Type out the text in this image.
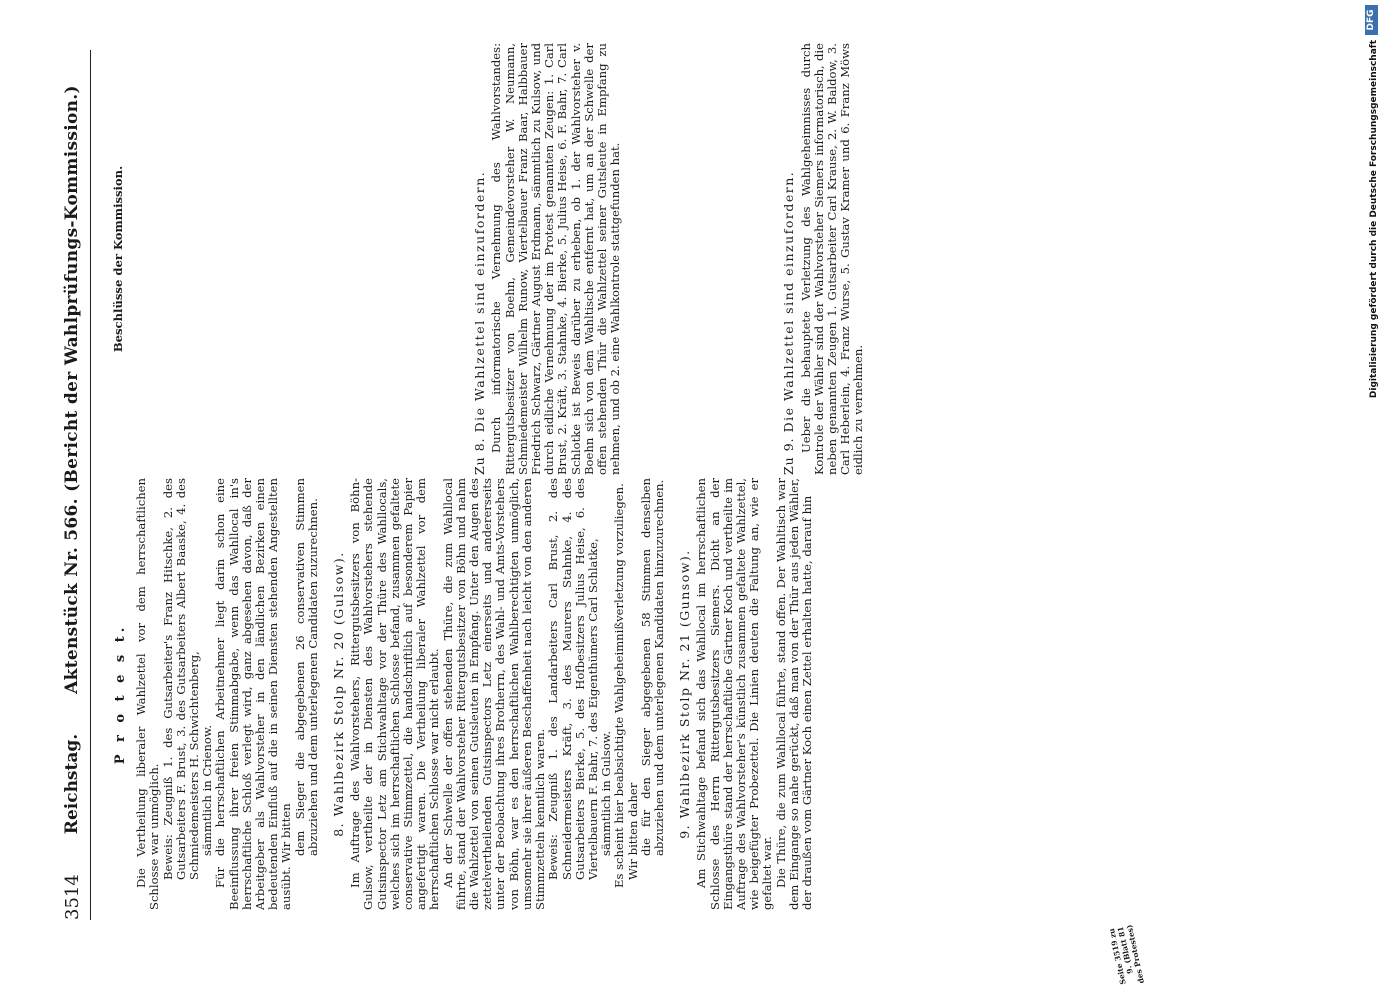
3514
Reichstag.
Aktenstück Nr. 566. (Bericht der Wahlprüfungs-Kommission.)
P r o t e s t. Die Vertheilung liberaler Wahlzettel vor dem herrschaftlichen Schlosse war unmöglich. Beweis: Zeugniß 1. des Gutsarbeiter's Franz Hitschke, 2. des Gutsarbeiters F. Brust, 3. des Gutsarbeiters Albert Baaske, 4. des Schmiedemeisters H. Schwichtenberg, sämmtlich in Crienow. Für die herrschaftlichen Arbeitnehmer liegt darin schon eine Beeinflussung ihrer freien Stimmabgabe, wenn das Wahllocal in's herrschaftliche Schloß verlegt wird, ganz abgesehen davon, daß der Arbeitgeber als Wahlvorsteher in den ländlichen Bezirken einen bedeutenden Einfluß auf die in seinen Diensten stehenden Angestellten ausübt. Wir bitten

dem Sieger die abgegebenen 26 conservativen Stimmen abzuziehen und dem unterlegenen Candidaten zuzurechnen. 8. Wahlbezirk Stolp Nr. 20 (Gulsow). Im Auftrage des Wahlvorstehers, Rittergutsbesitzers von Böhn-Gulsow, vertheilte der in Diensten des Wahlvorstehers stehende Gutsinspector Letz am Stichwahltage vor der Thüre des Wahllocals, welches sich im herrschaftlichen Schlosse befand, zusammen gefaltete conservative Stimmzettel, die handschriftlich auf besonderem Papier angefertigt waren. Die Vertheilung liberaler Wahlzettel vor dem herrschaftlichen Schlosse war nicht erlaubt. An der Schwelle der offen stehenden Thüre, die zum Wahllocal führte, stand der Wahlvorsteher Rittergutsbesitzer von Böhn und nahm die Wahlzettel von seinen Gutsleuten in Empfang. Unter den Augen des zettelvertheilenden Gutsinspectors Letz einerseits und andererseits unter der Beobachtung ihres Brotherrn, des Wahl- und Amts-Vorstehers von Böhn, war es den herrschaftlichen Wahlberechtigten unmöglich, umsomehr sie ihrer äußeren Beschaffenheit nach leicht von den anderen Stimmzetteln kenntlich waren. Beweis: Zeugniß 1. des Landarbeiters Carl Brust, 2. des Schneidermeisters Kräft, 3. des Maurers Stahnke, 4. des Gutsarbeiters Bierke, 5. des Hofbesitzers Julius Heise, 6. des Viertelbauern F. Bahr, 7. des Eigenthümers Carl Schlatke, sämmtlich in Gulsow. Es scheint hier beabsichtigte Wahlgeheimnißverletzung vorzuliegen. Wir bitten daher die für den Sieger abgegebenen 58 Stimmen denselben abzuziehen und dem unterlegenen Kandidaten hinzuzurechnen. 9. Wahlbezirk Stolp Nr. 21 (Gunsow). Am Stichwahltage befand sich das Wahllocal im herrschaftlichen Schlosse des Herrn Rittergutsbesitzers Siemers. Dicht an der Eingangsthüre stand der herrschaftliche Gärtner Koch und vertheilte im Auftrage des Wahlvorsteher's künstlich zusammen gefaltete Wahlzettel, wie beigefügter Probezettel. Die Linien deuten die Faltung an, wie er gefaltet war. Die Thüre, die zum Wahllocal führte, stand offen. Der Wahltisch war dem Eingange so nahe gerückt, daß man von der Thür aus jeden Wähler, der draußen vom Gärtner Koch einen Zettel erhalten hatte, darauf hin

Seite 3519 zu 9. (Blatt 81 des Protestes)
Beschlüsse der Kommission.
Zu 8. Die Wahlzettel sind einzufordern. Durch informatorische Vernehmung des Wahlvorstandes: Rittergutsbesitzer von Boehn, Gemeindevorsteher W. Neumann, Schmiedemeister Wilhelm Runow, Viertelbauer Franz Baar, Halbbauer Friedrich Schwarz, Gärtner August Erdmann, sämmtlich zu Kulsow, und durch eidliche Vernehmung der im Protest genannten Zeugen: 1. Carl Brust, 2. Kräft, 3. Stahnke, 4. Bierke, 5. Julius Heise, 6. F. Bahr, 7. Carl Schlotke ist Beweis darüber zu erheben, ob 1. der Wahlvorsteher v. Boehn sich von dem Wahltische entfernt hat, um an der Schwelle der offen stehenden Thür die Wahlzettel seiner Gutsleute in Empfang zu nehmen, und ob 2. eine Wahlkontrole stattgefunden hat.	Zu 9. Die Wahlzettel sind einzufordern. Ueber die behauptete Verletzung des Wahlgeheimnisses durch Kontrole der Wähler sind der Wahlvorsteher Siemers informatorisch, die neben genannten Zeugen 1. Gutsarbeiter Carl Krause, 2. W. Baldow, 3. Carl Heberlein, 4. Franz Wurse, 5. Gustav Kramer und 6. Franz Möws eidlich zu vernehmen.

Digitalisierung gefördert durch die Deutsche Forschungsgemeinschaft
DFG
